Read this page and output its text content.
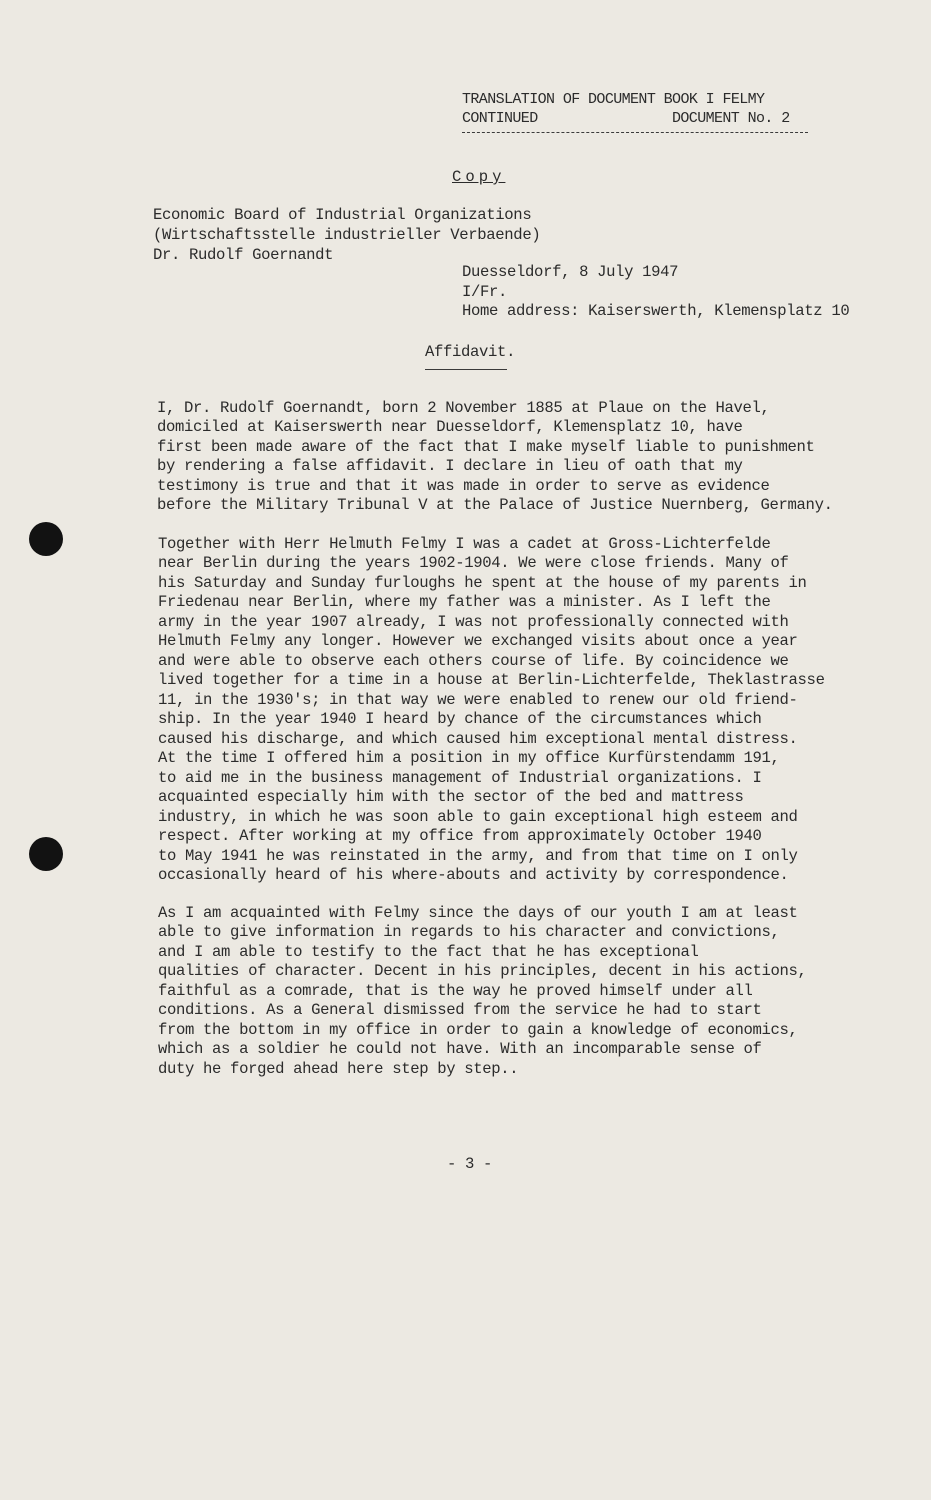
TRANSLATION OF DOCUMENT BOOK I FELMY
CONTINUED	DOCUMENT No. 2
Copy
Economic Board of Industrial Organizations
(Wirtschaftsstelle industrieller Verbaende)
Dr. Rudolf Goernandt
Duesseldorf, 8 July 1947
I/Fr.
Home address: Kaiserswerth, Klemensplatz 10
Affidavit.
I, Dr. Rudolf Goernandt, born 2 November 1885 at Plaue on the Havel,
domiciled at Kaiserswerth near Duesseldorf, Klemensplatz 10, have
first been made aware of the fact that I make myself liable to punishment
by rendering a false affidavit. I declare in lieu of oath that my
testimony is true and that it was made in order to serve as evidence
before the Military Tribunal V at the Palace of Justice Nuernberg, Germany.
Together with Herr Helmuth Felmy I was a cadet at Gross-Lichterfelde
near Berlin during the years 1902-1904. We were close friends. Many of
his Saturday and Sunday furloughs he spent at the house of my parents in
Friedenau near Berlin, where my father was a minister. As I left the
army in the year 1907 already, I was not professionally connected with
Helmuth Felmy any longer. However we exchanged visits about once a year
and were able to observe each others course of life. By coincidence we
lived together for a time in a house at Berlin-Lichterfelde, Theklastrasse
11, in the 1930's; in that way we were enabled to renew our old friend-
ship. In the year 1940 I heard by chance of the circumstances which
caused his discharge, and which caused him exceptional mental distress.
At the time I offered him a position in my office Kurfürstendamm 191,
to aid me in the business management of Industrial organizations. I
acquainted especially him with the sector of the bed and mattress
industry, in which he was soon able to gain exceptional high esteem and
respect. After working at my office from approximately October 1940
to May 1941 he was reinstated in the army, and from that time on I only
occasionally heard of his where-abouts and activity by correspondence.
As I am acquainted with Felmy since the days of our youth I am at least
able to give information in regards to his character and convictions,
and I am able to testify to the fact that he has exceptional
qualities of character. Decent in his principles, decent in his actions,
faithful as a comrade, that is the way he proved himself under all
conditions. As a General dismissed from the service he had to start
from the bottom in my office in order to gain a knowledge of economics,
which as a soldier he could not have. With an incomparable sense of
duty he forged ahead here step by step..
- 3 -
